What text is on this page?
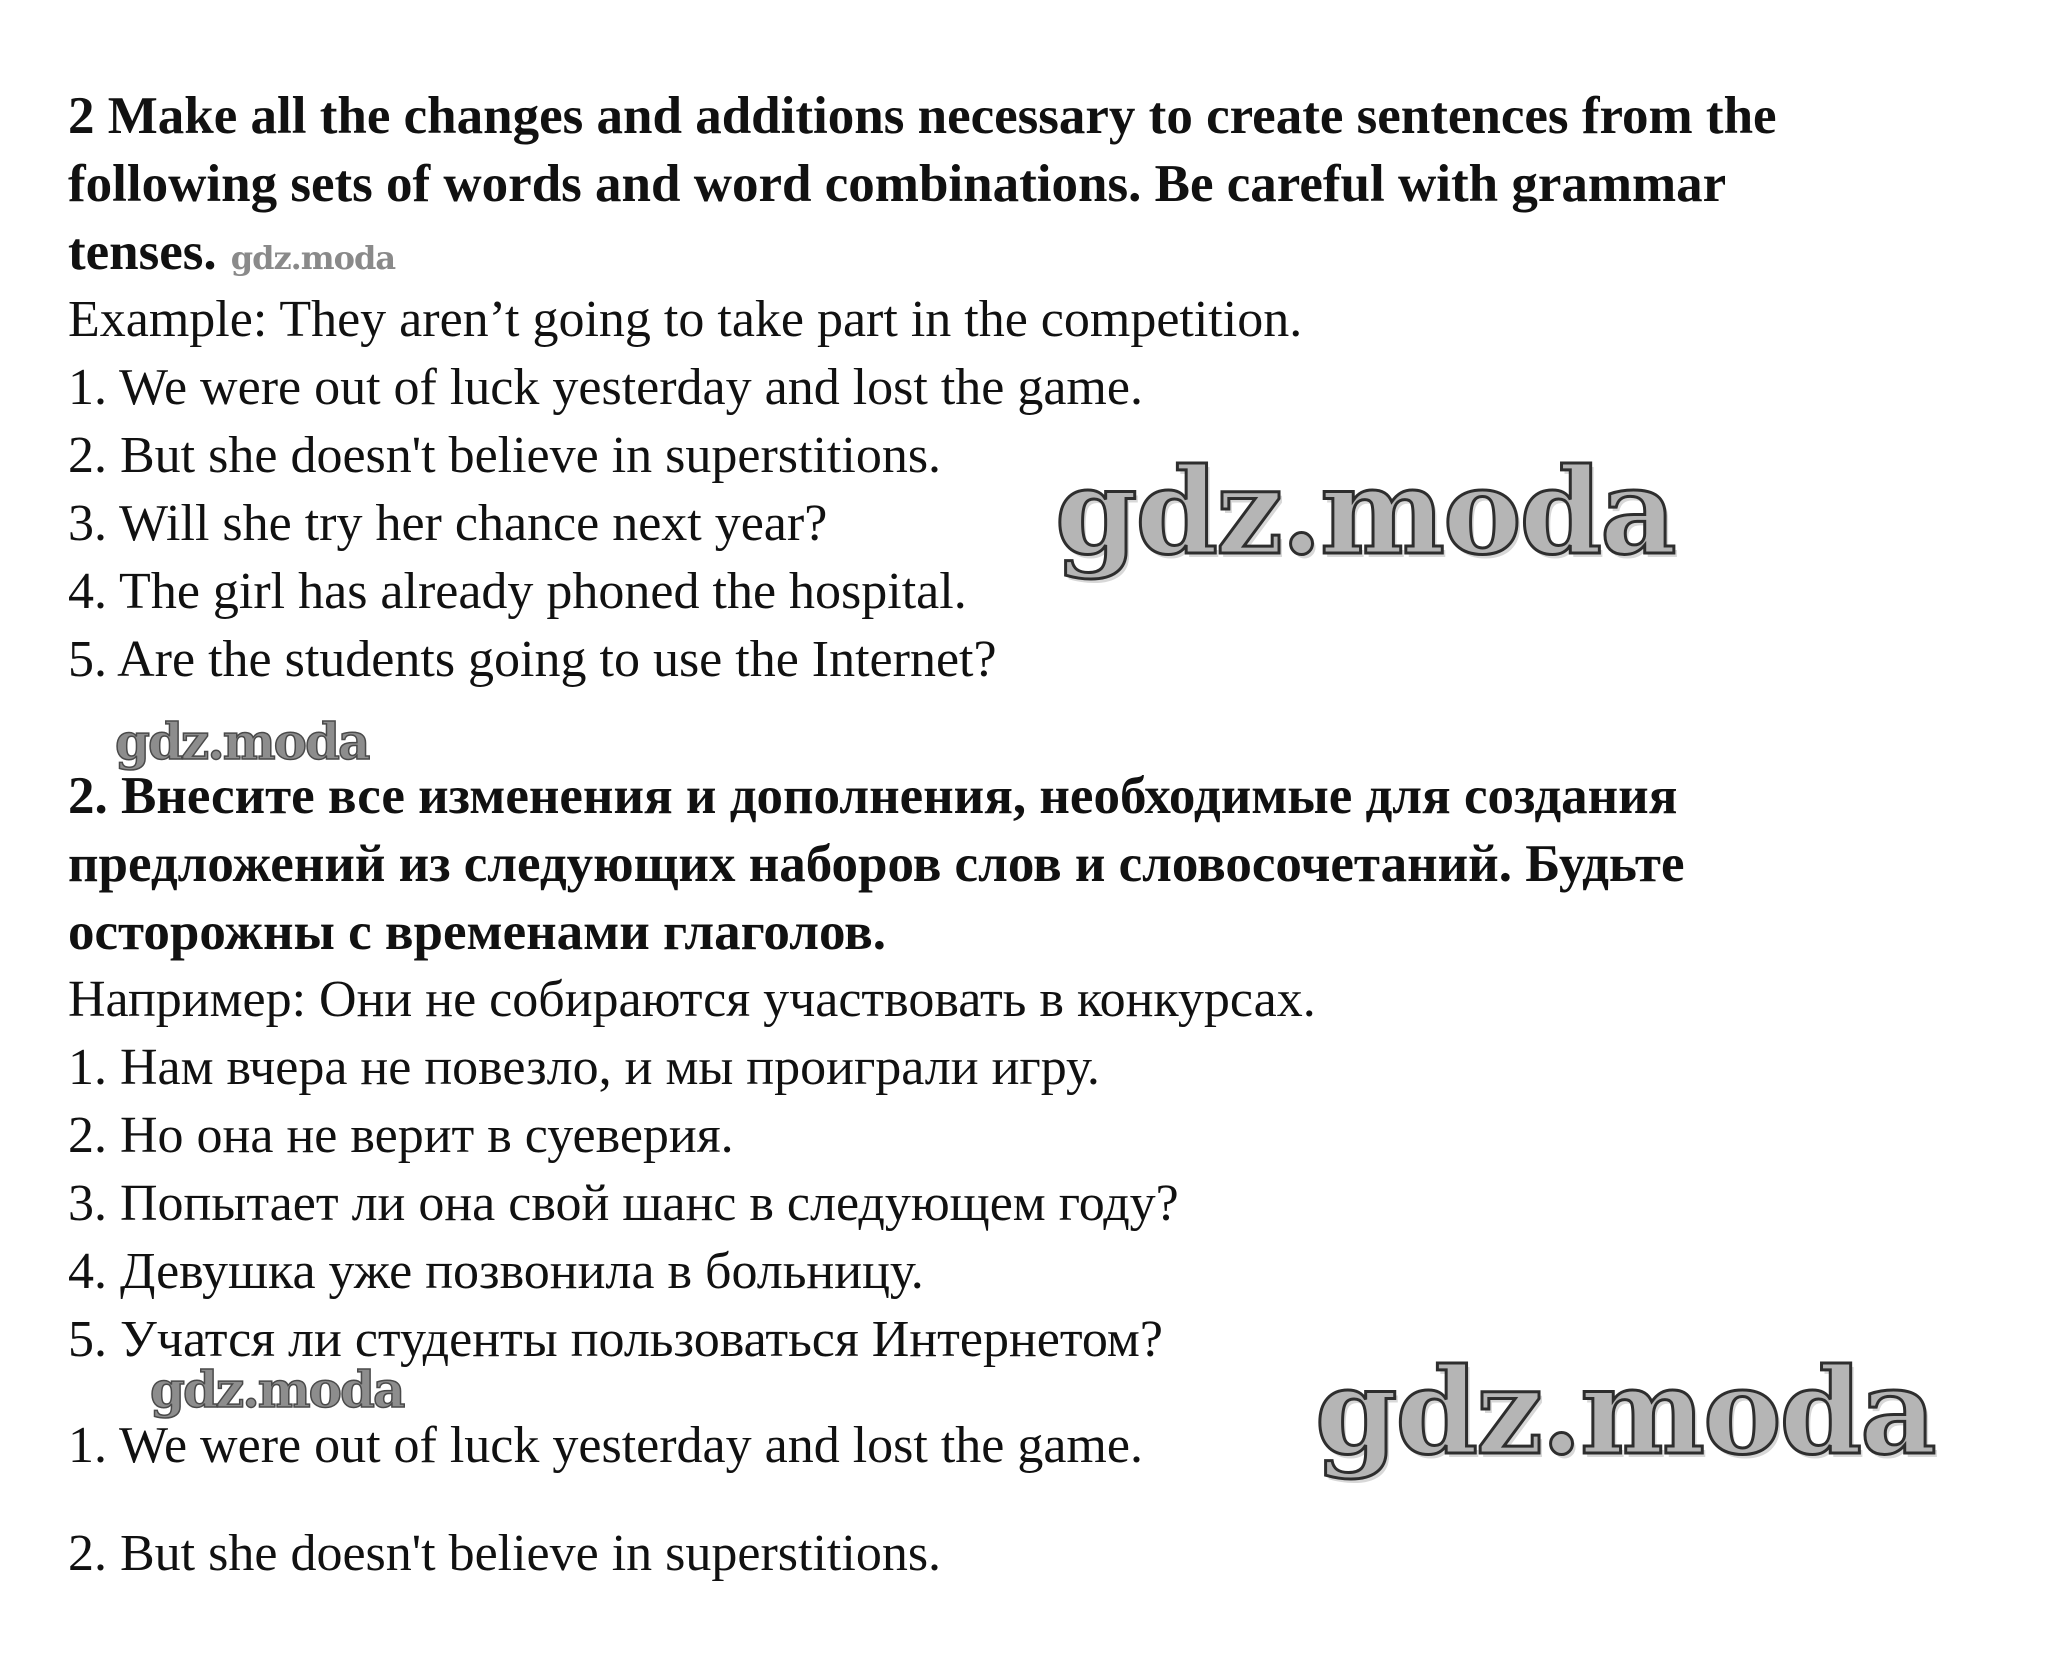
2 Make all the changes and additions necessary to create sentences from the
following sets of words and word combinations. Be careful with grammar
tenses. gdz.moda
Example: They aren’t going to take part in the competition.
1. We were out of luck yesterday and lost the game.
2. But she doesn't believe in superstitions.
3. Will she try her chance next year?
4. The girl has already phoned the hospital.
5. Are the students going to use the Internet?
2. Внесите все изменения и дополнения, необходимые для создания
предложений из следующих наборов слов и словосочетаний. Будьте
осторожны с временами глаголов.
Например: Они не собираются участвовать в конкурсах.
1. Нам вчера не повезло, и мы проиграли игру.
2. Но она не верит в суеверия.
3. Попытает ли она свой шанс в следующем году?
4. Девушка уже позвонила в больницу.
5. Учатся ли студенты пользоваться Интернетом?
1. We were out of luck yesterday and lost the game.
2. But she doesn't believe in superstitions.
gdz.moda
gdz.moda
gdz.moda	gdz.moda
